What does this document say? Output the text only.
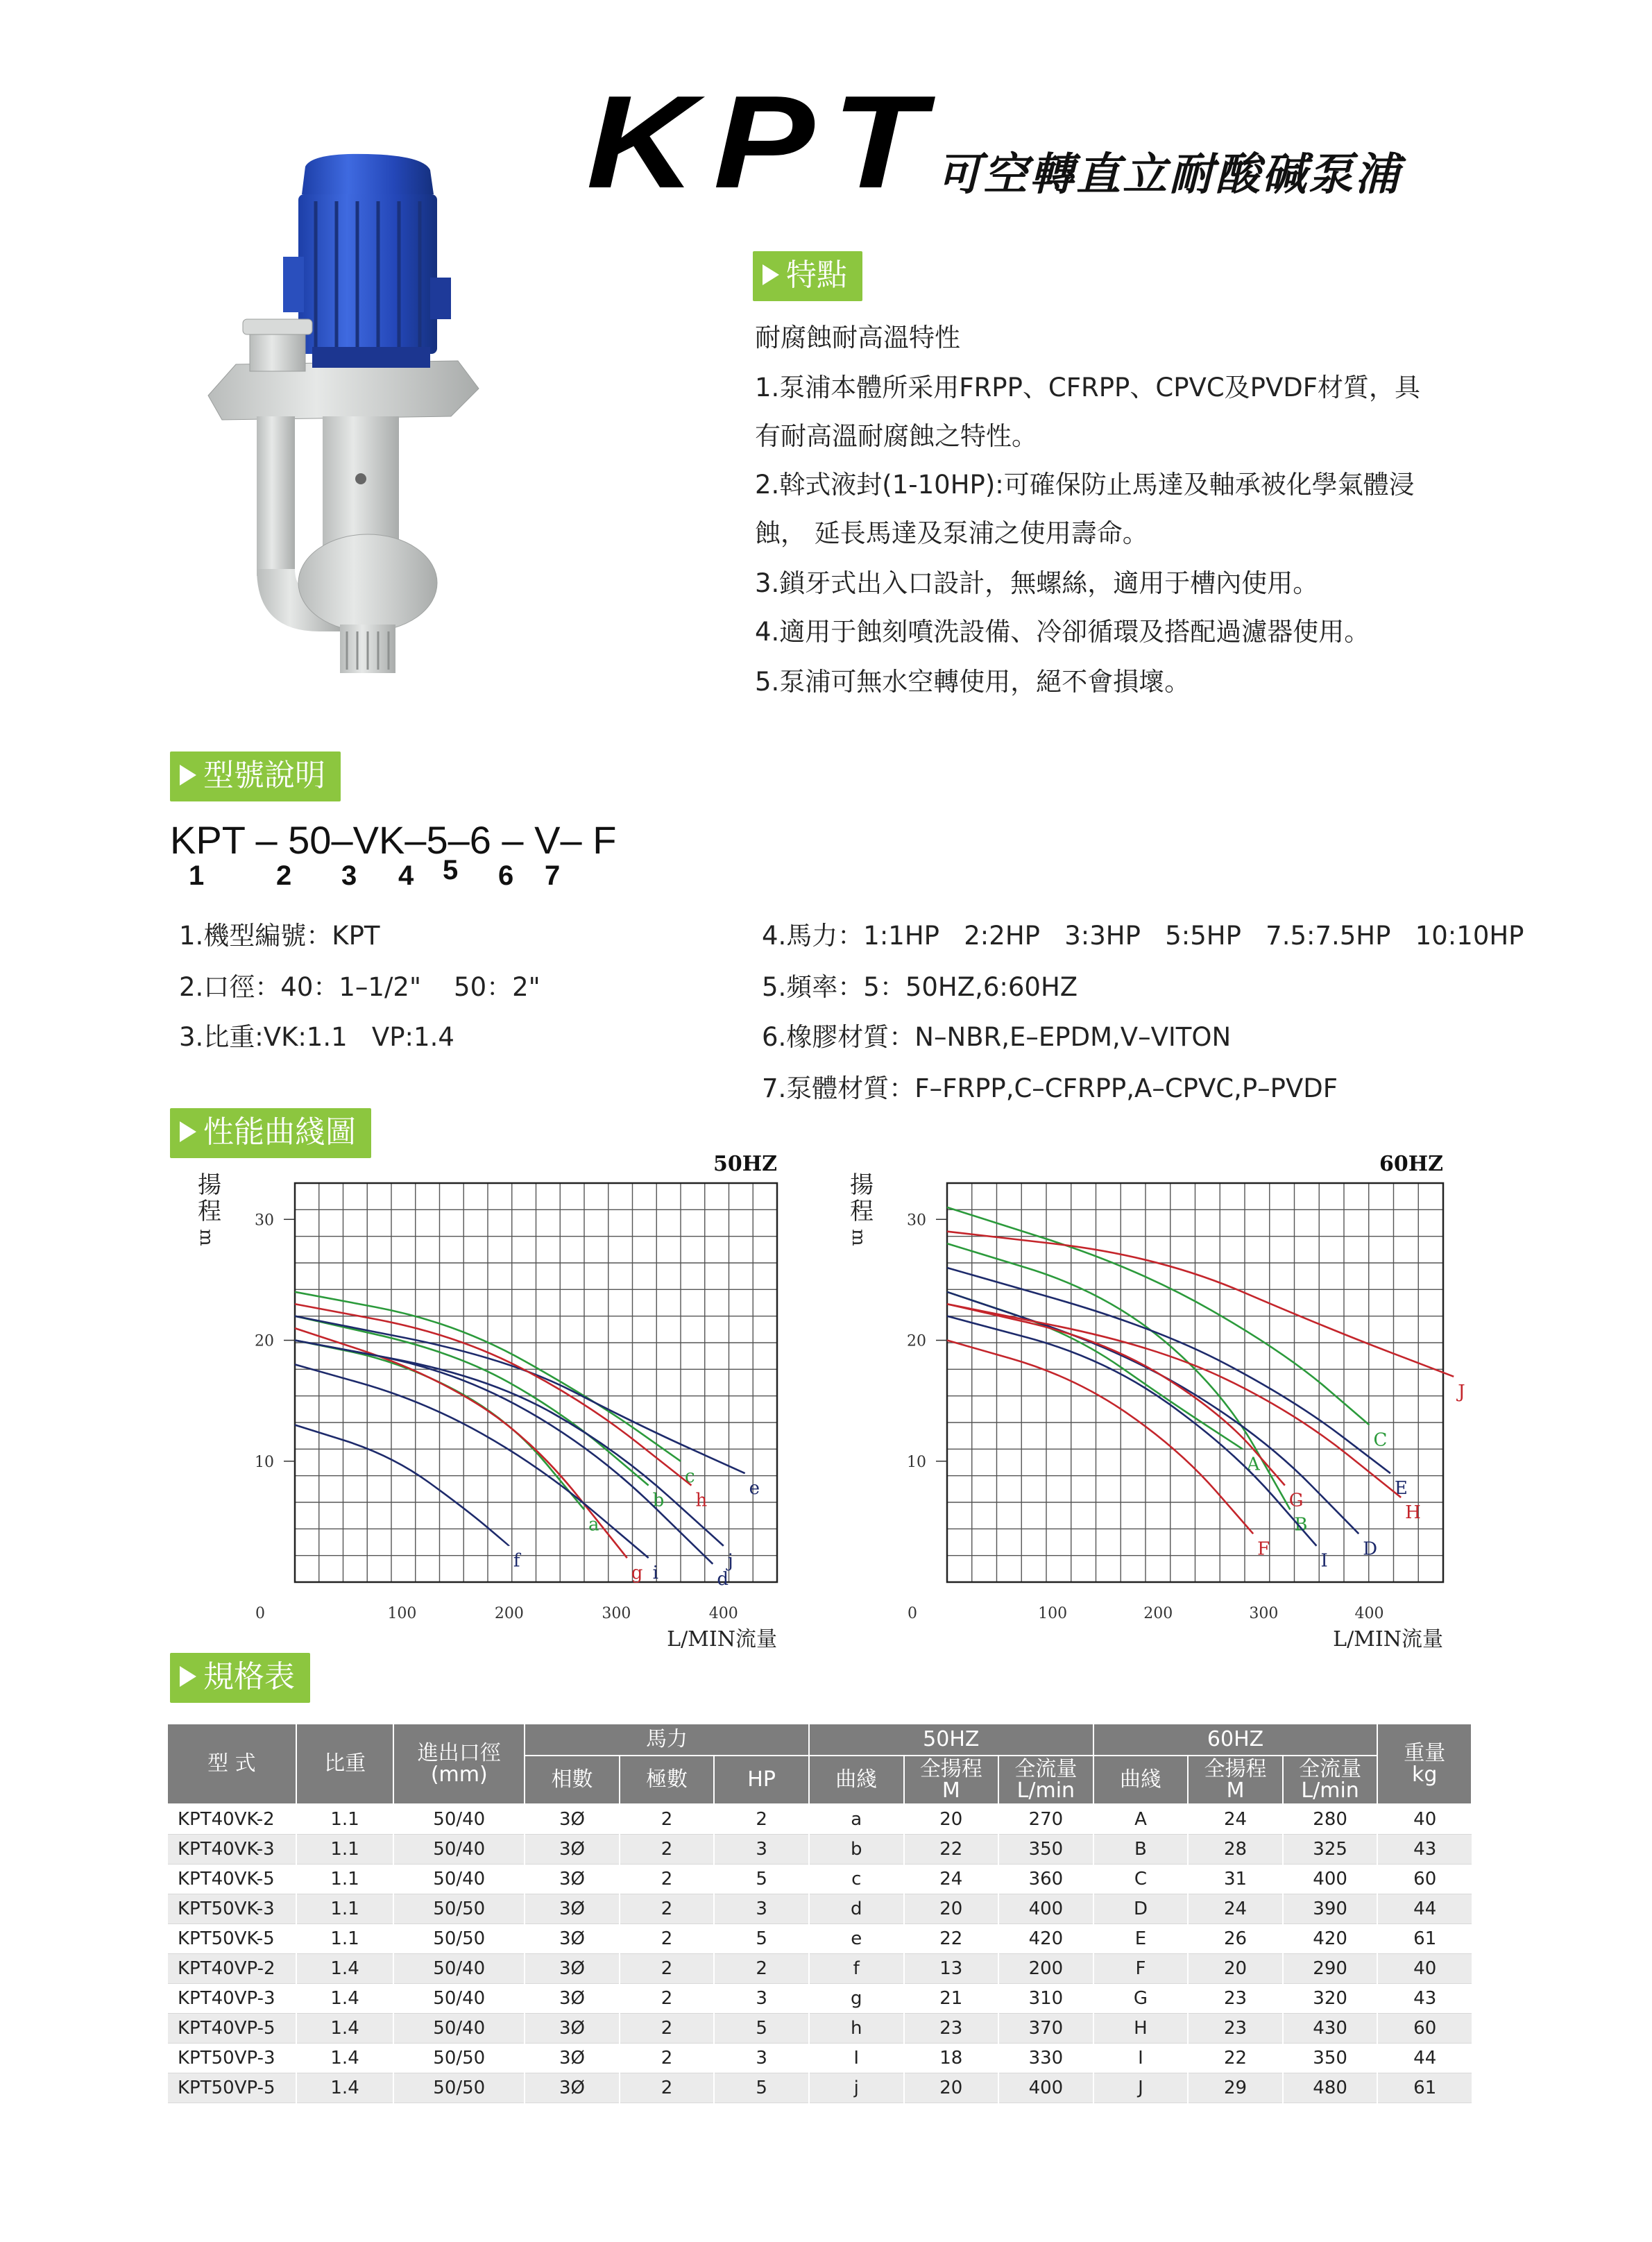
KPT
可空轉直立耐酸碱泵浦
特點
耐腐蝕耐高溫特性
1.泵浦本體所采用FRPP、CFRPP、CPVC及PVDF材質，具
有耐高溫耐腐蝕之特性。
2.斡式液封(1-10HP):可確保防止馬達及軸承被化學氣體浸
蝕， 延長馬達及泵浦之使用壽命。
3.鎖牙式出入口設計，無螺絲，適用于槽內使用。
4.適用于蝕刻噴洗設備、冷卻循環及搭配過濾器使用。
5.泵浦可無水空轉使用，絕不會損壞。
型號說明
KPT – 50–VK–5–6 – V– F
1	2 3 4 5 6 7
1.機型編號：KPT
2.口徑：40：1–1/2"    50：2"
3.比重:VK:1.1   VP:1.4
4.馬力：1:1HP   2:2HP   3:3HP   5:5HP   7.5:7.5HP   10:10HP
5.頻率：5：50HZ,6:60HZ
6.橡膠材質：N–NBR,E–EPDM,V–VITON
7.泵體材質：F–FRPP,C–CFRPP,A–CPVC,P–PVDF
性能曲綫圖
10
20
30
0	100	200	300	400
揚
程
m
L/MIN流量
50HZ
a
b
c
d
e
f
g
h
i
j
10
20
30
0	100	200	300	400
揚
程
m
L/MIN流量
60HZ
A
B
C
D
E
F
G
H
I
J
規格表
型 式	比重	進出口徑
(mm)	馬力			50HZ			60HZ			重量
kg
			相數	極數	HP	曲綫	全揚程
M	全流量
L/min	曲綫	全揚程
M	全流量
L/min	
KPT40VK-2	1.1	50/40	3Ø	2	2	a	20	270	A	24	280	40
KPT40VK-3	1.1	50/40	3Ø	2	3	b	22	350	B	28	325	43
KPT40VK-5	1.1	50/40	3Ø	2	5	c	24	360	C	31	400	60
KPT50VK-3	1.1	50/50	3Ø	2	3	d	20	400	D	24	390	44
KPT50VK-5	1.1	50/50	3Ø	2	5	e	22	420	E	26	420	61
KPT40VP-2	1.4	50/40	3Ø	2	2	f	13	200	F	20	290	40
KPT40VP-3	1.4	50/40	3Ø	2	3	g	21	310	G	23	320	43
KPT40VP-5	1.4	50/40	3Ø	2	5	h	23	370	H	23	430	60
KPT50VP-3	1.4	50/50	3Ø	2	3	I	18	330	I	22	350	44
KPT50VP-5	1.4	50/50	3Ø	2	5	j	20	400	J	29	480	61
